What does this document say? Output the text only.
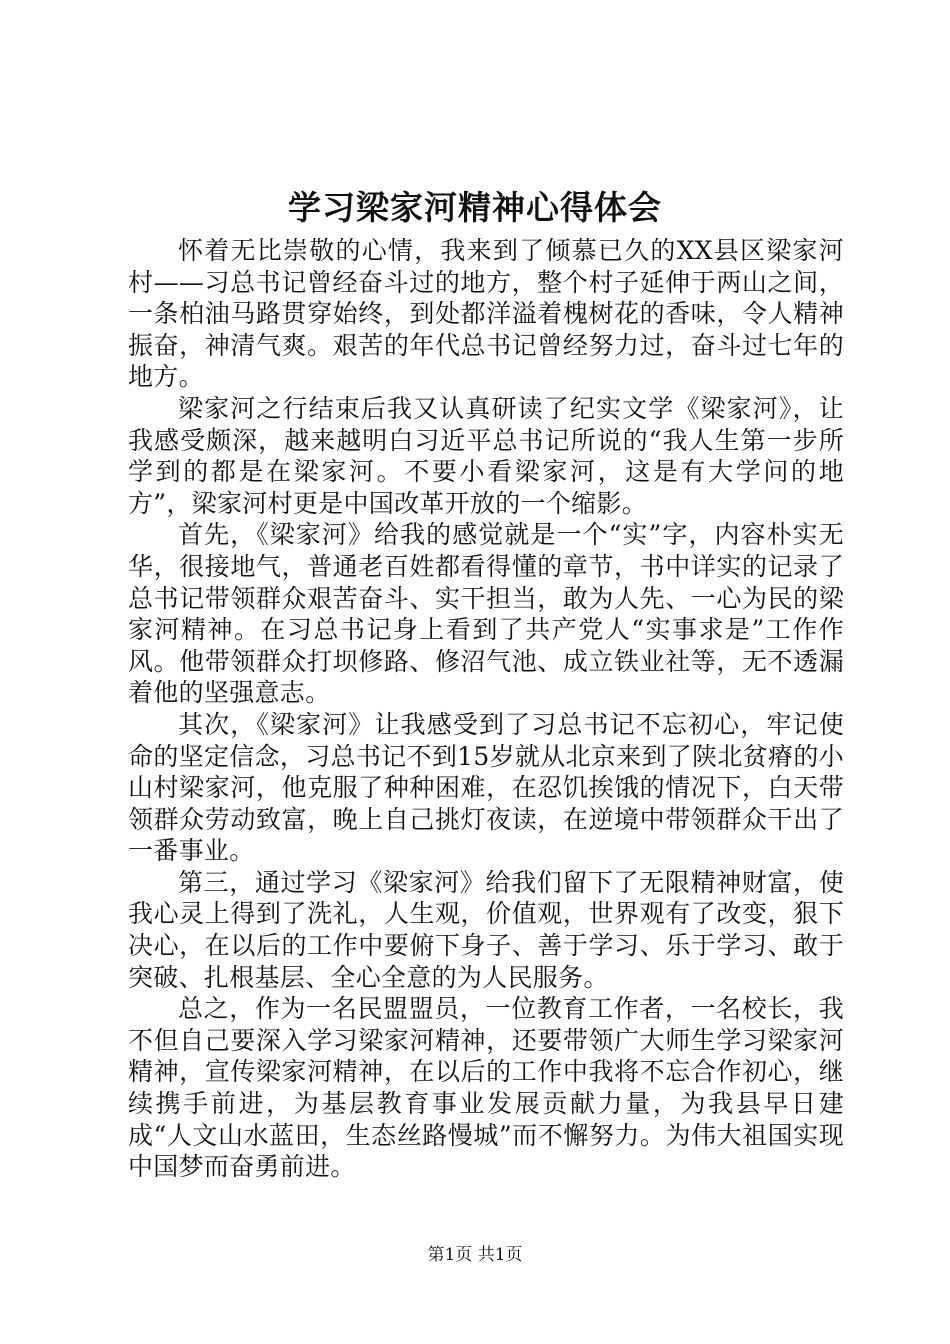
学习梁家河精神心得体会

怀着无比崇敬的心情，我来到了倾慕已久的XX县区梁家河村——习总书记曾经奋斗过的地方，整个村子延伸于两山之间，一条柏油马路贯穿始终，到处都洋溢着槐树花的香味，令人精神振奋，神清气爽。艰苦的年代总书记曾经努力过，奋斗过七年的地方。

梁家河之行结束后我又认真研读了纪实文学《梁家河》，让我感受颇深，越来越明白习近平总书记所说的“我人生第一步所学到的都是在梁家河。不要小看梁家河，这是有大学问的地方”，梁家河村更是中国改革开放的一个缩影。

首先，《梁家河》给我的感觉就是一个“实”字，内容朴实无华，很接地气，普通老百姓都看得懂的章节，书中详实的记录了总书记带领群众艰苦奋斗、实干担当，敢为人先、一心为民的梁家河精神。在习总书记身上看到了共产党人“实事求是”工作作风。他带领群众打坝修路、修沼气池、成立铁业社等，无不透漏着他的坚强意志。

其次，《梁家河》让我感受到了习总书记不忘初心，牢记使命的坚定信念，习总书记不到15岁就从北京来到了陕北贫瘠的小山村梁家河，他克服了种种困难，在忍饥挨饿的情况下，白天带领群众劳动致富，晚上自己挑灯夜读，在逆境中带领群众干出了一番事业。

第三，通过学习《梁家河》给我们留下了无限精神财富，使我心灵上得到了洗礼，人生观，价值观，世界观有了改变，狠下决心，在以后的工作中要俯下身子、善于学习、乐于学习、敢于突破、扎根基层、全心全意的为人民服务。

总之，作为一名民盟盟员，一位教育工作者，一名校长，我不但自己要深入学习梁家河精神，还要带领广大师生学习梁家河精神，宣传梁家河精神，在以后的工作中我将不忘合作初心，继续携手前进，为基层教育事业发展贡献力量，为我县早日建成“人文山水蓝田，生态丝路慢城”而不懈努力。为伟大祖国实现中国梦而奋勇前进。

第1页 共1页
